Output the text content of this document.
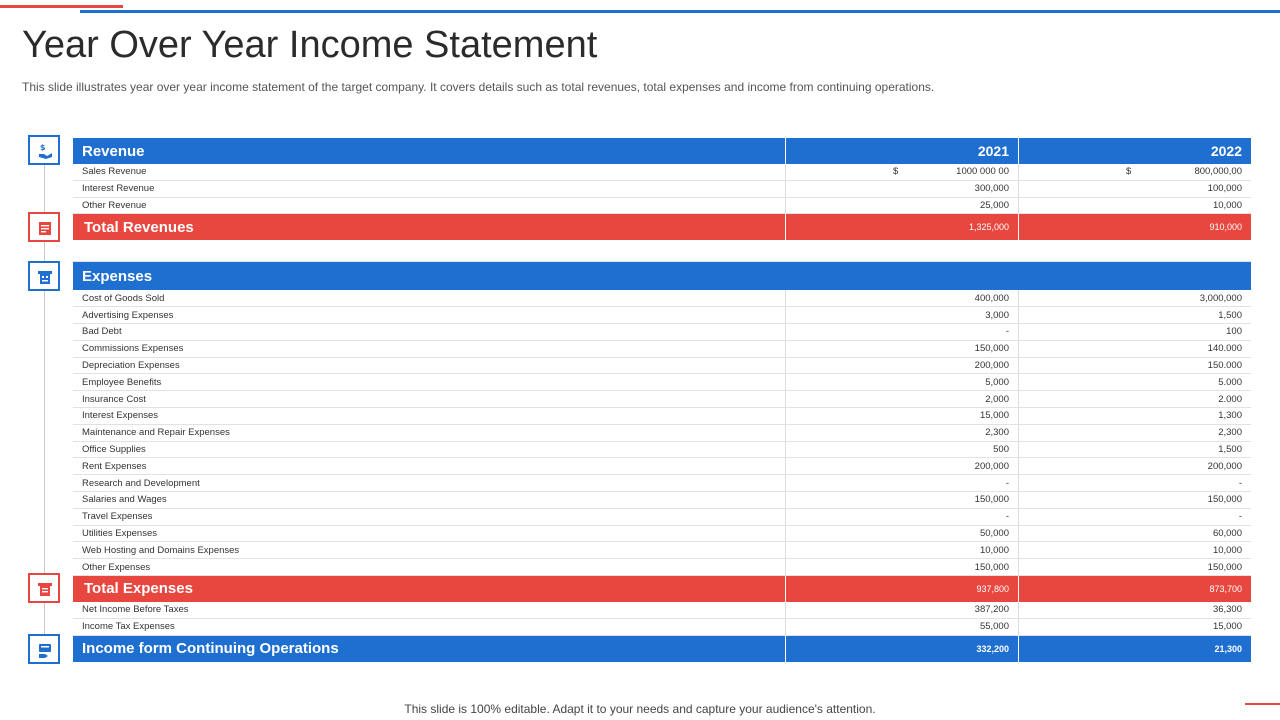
Year Over Year Income Statement
This slide illustrates year over year income statement of the target company. It covers details such as total revenues, total expenses and income from continuing operations.
$	Revenue	2021	2022
Sales Revenue	$	1000 000 00	$	800,000,00
Interest Revenue	300,000	100,000
Other Revenue	25,000	10,000
Total Revenues	1,325,000	910,000
Expenses
Cost of Goods Sold	400,000	3,000,000
Advertising Expenses	3,000	1,500
Bad Debt	-	100
Commissions Expenses	150,000	140.000
Depreciation Expenses	200,000	150.000
Employee Benefits	5,000	5.000
Insurance Cost	2,000	2.000
Interest Expenses	15,000	1,300
Maintenance and Repair Expenses	2,300	2,300
Office Supplies	500	1,500
Rent Expenses	200,000	200,000
Research and Development	-	-
Salaries and Wages	150,000	150,000
Travel Expenses	-	-
Utilities Expenses	50,000	60,000
Web Hosting and Domains Expenses	10,000	10,000
Other Expenses	150,000	150,000
Total Expenses	937,800	873,700
Net Income Before Taxes	387,200	36,300
Income Tax Expenses	55,000	15,000
Income form Continuing Operations	332,200	21,300
This slide is 100% editable. Adapt it to your needs and capture your audience's attention.
